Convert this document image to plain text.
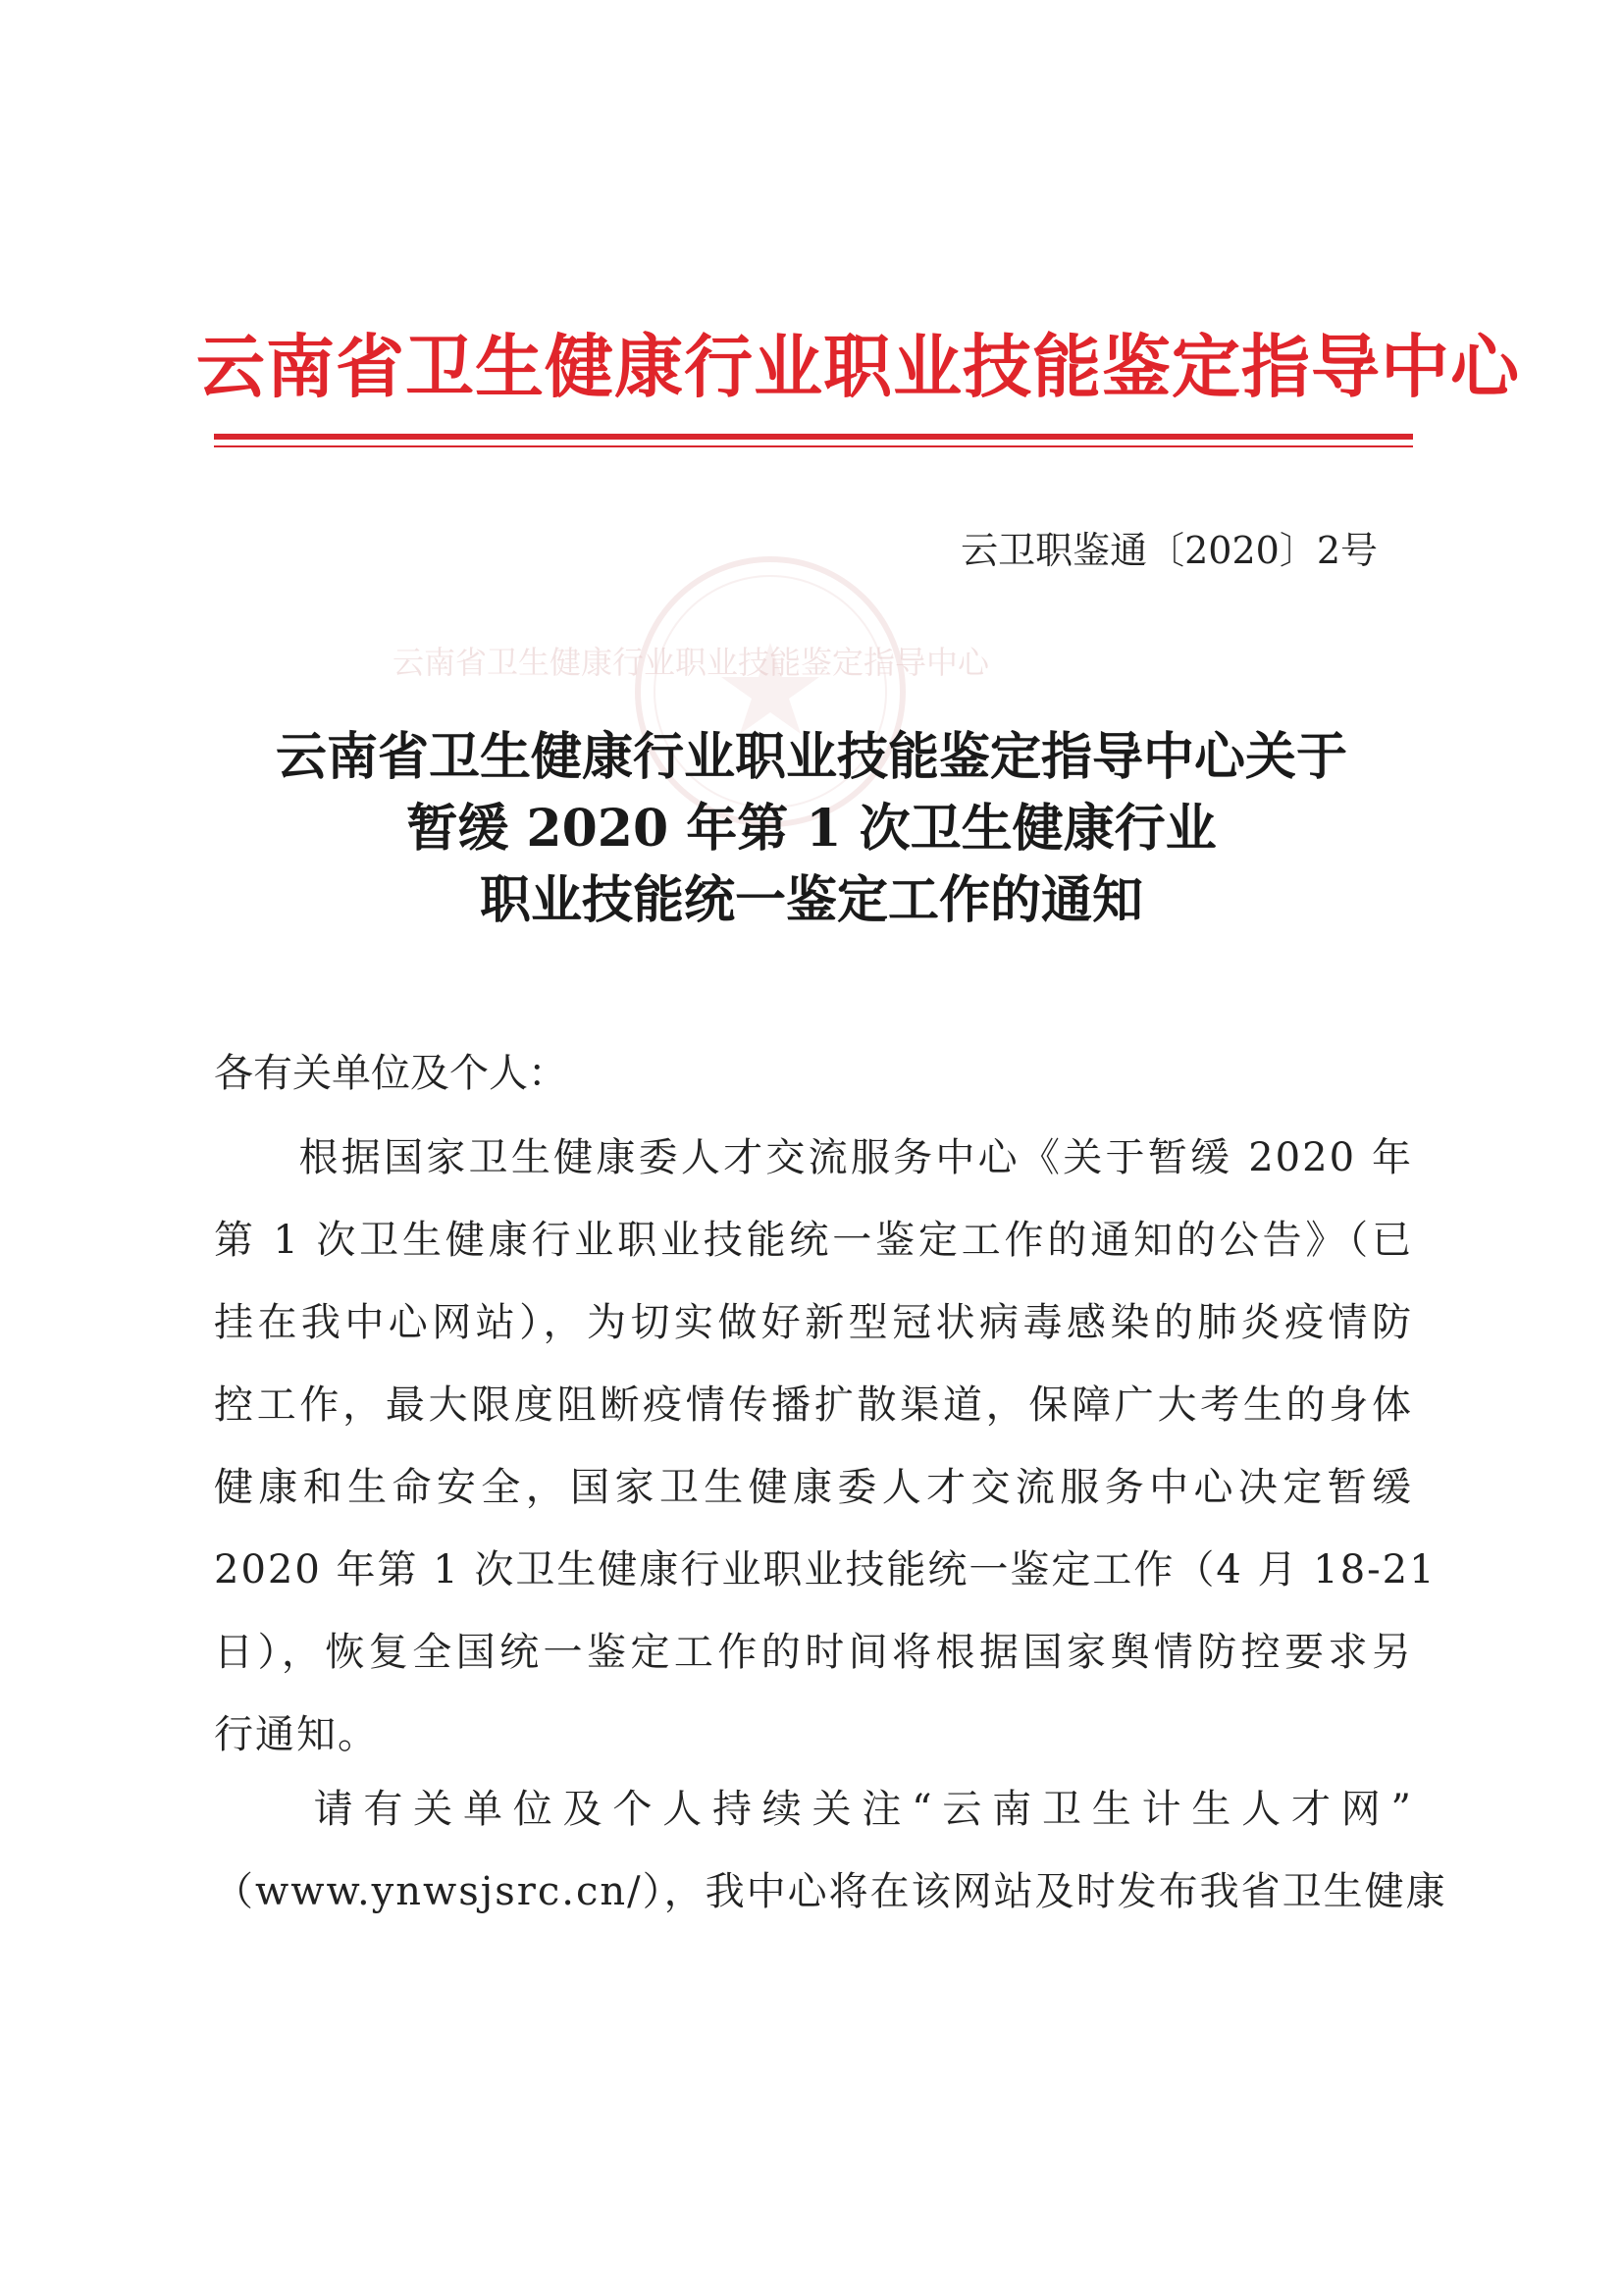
云南省卫生健康行业职业技能鉴定指导中心
云卫职鉴通〔2020〕2号
云南省卫生健康行业职业技能鉴定指导中心
云南省卫生健康行业职业技能鉴定指导中心关于
暂缓 2020 年第 1 次卫生健康行业
职业技能统一鉴定工作的通知
各有关单位及个人：
　　根据国家卫生健康委人才交流服务中心《关于暂缓 2020 年
第 1 次卫生健康行业职业技能统一鉴定工作的通知的公告》（已
挂在我中心网站），为切实做好新型冠状病毒感染的肺炎疫情防
控工作，最大限度阻断疫情传播扩散渠道，保障广大考生的身体
健康和生命安全，国家卫生健康委人才交流服务中心决定暂缓
2020 年第 1 次卫生健康行业职业技能统一鉴定工作（4 月 18-21
日），恢复全国统一鉴定工作的时间将根据国家舆情防控要求另
行通知。
　　请有关单位及个人持续关注“云南卫生计生人才网”
（www.ynwsjsrc.cn/），我中心将在该网站及时发布我省卫生健康
